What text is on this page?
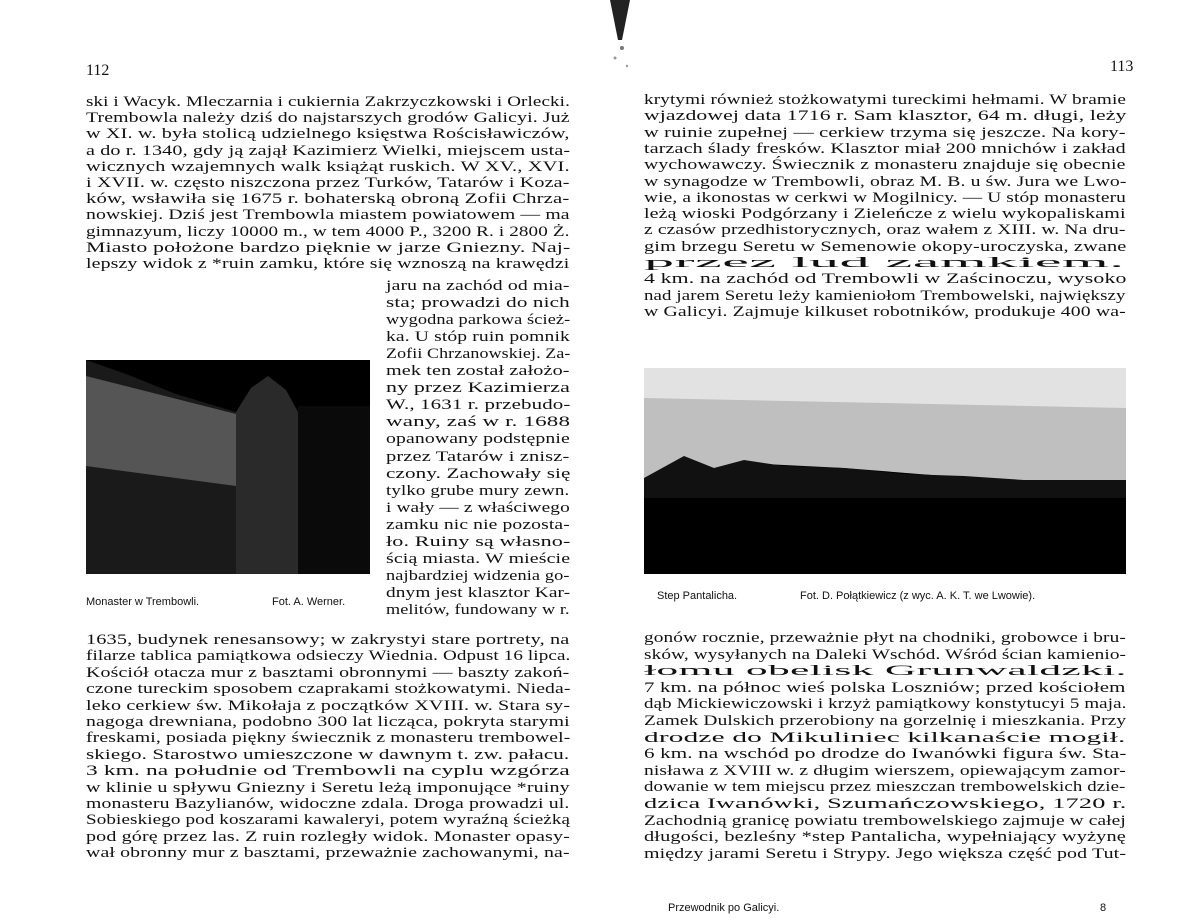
112
ski i Wacyk. Mleczarnia i cukiernia Zakrzyczkowski i Orlecki.
Trembowla należy dziś do najstarszych grodów Galicyi. Już
w XI. w. była stolicą udzielnego księstwa Rościsławiczów,
a do r. 1340, gdy ją zajął Kazimierz Wielki, miejscem usta-
wicznych wzajemnych walk książąt ruskich. W XV., XVI.
i XVII. w. często niszczona przez Turków, Tatarów i Koza-
ków, wsławiła się 1675 r. bohaterską obroną Zofii Chrza-
nowskiej. Dziś jest Trembowla miastem powiatowem — ma
gimnazyum, liczy 10000 m., w tem 4000 P., 3200 R. i 2800 Ż.
Miasto położone bardzo pięknie w jarze Gniezny. Naj-
lepszy widok z *ruin zamku, które się wznoszą na krawędzi
Monaster w Trembowli.	Fot. A. Werner.
jaru na zachód od mia-
sta; prowadzi do nich
wygodna parkowa ścież-
ka. U stóp ruin pomnik
Zofii Chrzanowskiej. Za-
mek ten został założo-
ny przez Kazimierza
W., 1631 r. przebudo-
wany, zaś w r. 1688
opanowany podstępnie
przez Tatarów i znisz-
czony. Zachowały się
tylko grube mury zewn.
i wały — z właściwego
zamku nic nie pozosta-
ło. Ruiny są własno-
ścią miasta. W mieście
najbardziej widzenia go-
dnym jest klasztor Kar-
melitów, fundowany w r.
1635, budynek renesansowy; w zakrystyi stare portrety, na
filarze tablica pamiątkowa odsieczy Wiednia. Odpust 16 lipca.
Kościół otacza mur z basztami obronnymi — baszty zakoń-
czone tureckim sposobem czaprakami stożkowatymi. Nieda-
leko cerkiew św. Mikołaja z początków XVIII. w. Stara sy-
nagoga drewniana, podobno 300 lat licząca, pokryta starymi
freskami, posiada piękny świecznik z monasteru trembowel-
skiego. Starostwo umieszczone w dawnym t. zw. pałacu.
3 km. na południe od Trembowli na cyplu wzgórza
w klinie u spływu Gniezny i Seretu leżą imponujące *ruiny
monasteru Bazylianów, widoczne zdala. Droga prowadzi ul.
Sobieskiego pod koszarami kawaleryi, potem wyraźną ścieżką
pod górę przez las. Z ruin rozległy widok. Monaster opasy-
wał obronny mur z basztami, przeważnie zachowanymi, na-
113
krytymi również stożkowatymi tureckimi hełmami. W bramie
wjazdowej data 1716 r. Sam klasztor, 64 m. długi, leży
w ruinie zupełnej — cerkiew trzyma się jeszcze. Na kory-
tarzach ślady fresków. Klasztor miał 200 mnichów i zakład
wychowawczy. Świecznik z monasteru znajduje się obecnie
w synagodze w Trembowli, obraz M. B. u św. Jura we Lwo-
wie, a ikonostas w cerkwi w Mogilnicy. — U stóp monasteru
leżą wioski Podgórzany i Zieleńcze z wielu wykopaliskami
z czasów przedhistorycznych, oraz wałem z XIII. w. Na dru-
gim brzegu Seretu w Semenowie okopy-uroczyska, zwane
przez lud zamkiem.
4 km. na zachód od Trembowli w Zaścinoczu, wysoko
nad jarem Seretu leży kamieniołom Trembowelski, największy
w Galicyi. Zajmuje kilkuset robotników, produkuje 400 wa-
Step Pantalicha.	Fot. D. Połątkiewicz (z wyc. A. K. T. we Lwowie).
gonów rocznie, przeważnie płyt na chodniki, grobowce i bru-
sków, wysyłanych na Daleki Wschód. Wśród ścian kamienio-
łomu obelisk Grunwaldzki.
7 km. na północ wieś polska Loszniów; przed kościołem
dąb Mickiewiczowski i krzyż pamiątkowy konstytucyi 5 maja.
Zamek Dulskich przerobiony na gorzelnię i mieszkania. Przy
drodze do Mikuliniec kilkanaście mogił.
6 km. na wschód po drodze do Iwanówki figura św. Sta-
nisława z XVIII w. z długim wierszem, opiewającym zamor-
dowanie w tem miejscu przez mieszczan trembowelskich dzie-
dzica Iwanówki, Szumańczowskiego, 1720 r.
Zachodnią granicę powiatu trembowelskiego zajmuje w całej
długości, bezleśny *step Pantalicha, wypełniający wyżynę
między jarami Seretu i Strypy. Jego większa część pod Tut-
Przewodnik po Galicyi.	8
